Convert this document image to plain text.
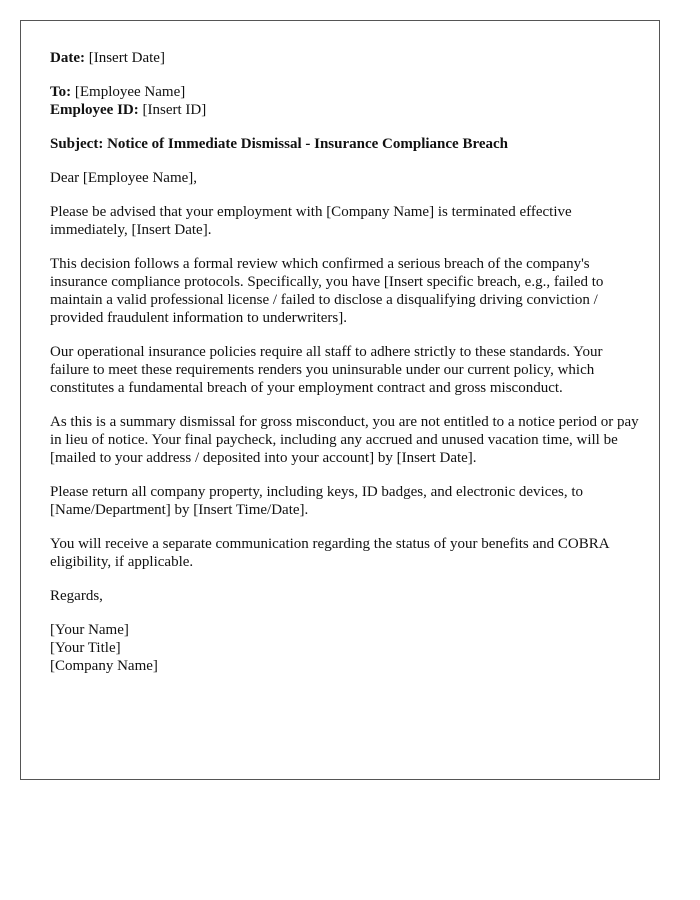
Date: [Insert Date]
To: [Employee Name]
Employee ID: [Insert ID]
Subject: Notice of Immediate Dismissal - Insurance Compliance Breach

Dear [Employee Name],

Please be advised that your employment with [Company Name] is terminated effective immediately, [Insert Date].

This decision follows a formal review which confirmed a serious breach of the company's insurance compliance protocols. Specifically, you have [Insert specific breach, e.g., failed to maintain a valid professional license / failed to disclose a disqualifying driving conviction / provided fraudulent information to underwriters].

Our operational insurance policies require all staff to adhere strictly to these standards. Your failure to meet these requirements renders you uninsurable under our current policy, which constitutes a fundamental breach of your employment contract and gross misconduct.

As this is a summary dismissal for gross misconduct, you are not entitled to a notice period or pay in lieu of notice. Your final paycheck, including any accrued and unused vacation time, will be [mailed to your address / deposited into your account] by [Insert Date].

Please return all company property, including keys, ID badges, and electronic devices, to [Name/Department] by [Insert Time/Date].

You will receive a separate communication regarding the status of your benefits and COBRA eligibility, if applicable.

Regards,

[Your Name]
[Your Title]
[Company Name]
